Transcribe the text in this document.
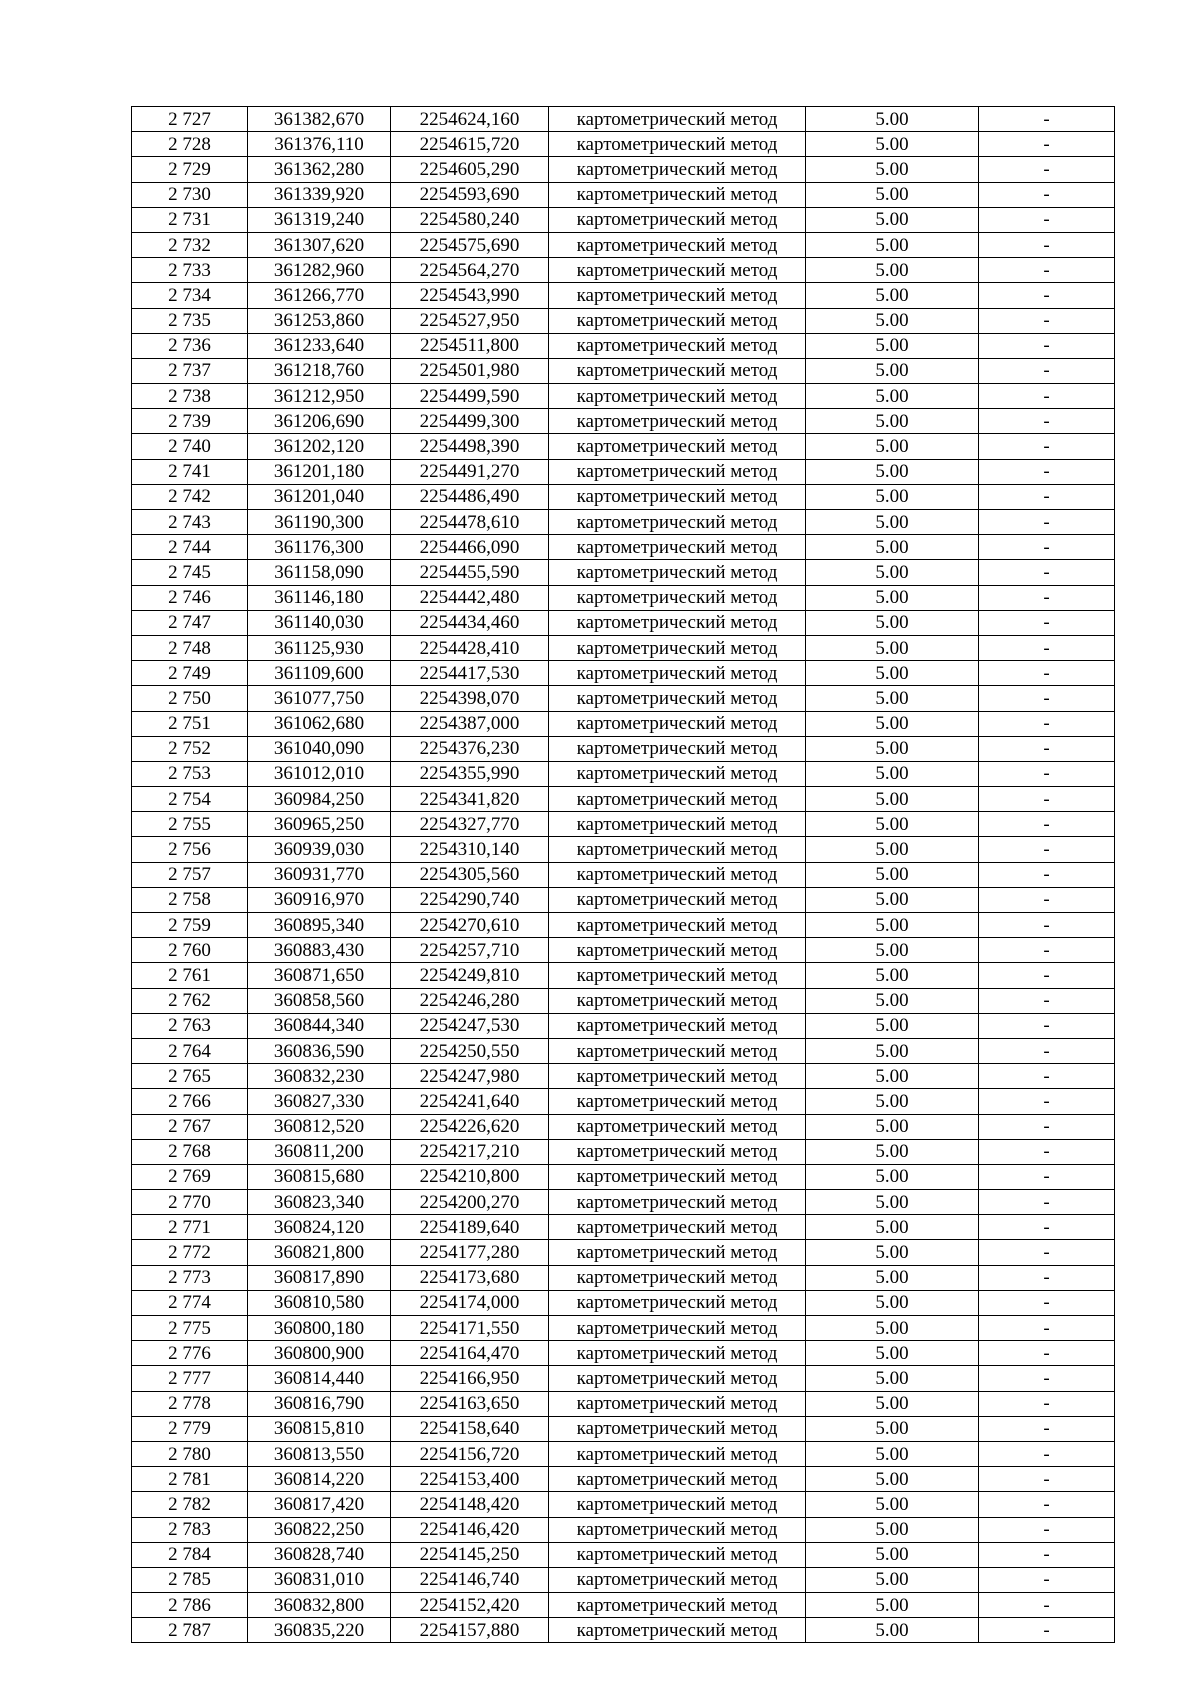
2 727	361382,670	2254624,160	картометрический метод	5.00	-
2 728	361376,110	2254615,720	картометрический метод	5.00	-
2 729	361362,280	2254605,290	картометрический метод	5.00	-
2 730	361339,920	2254593,690	картометрический метод	5.00	-
2 731	361319,240	2254580,240	картометрический метод	5.00	-
2 732	361307,620	2254575,690	картометрический метод	5.00	-
2 733	361282,960	2254564,270	картометрический метод	5.00	-
2 734	361266,770	2254543,990	картометрический метод	5.00	-
2 735	361253,860	2254527,950	картометрический метод	5.00	-
2 736	361233,640	2254511,800	картометрический метод	5.00	-
2 737	361218,760	2254501,980	картометрический метод	5.00	-
2 738	361212,950	2254499,590	картометрический метод	5.00	-
2 739	361206,690	2254499,300	картометрический метод	5.00	-
2 740	361202,120	2254498,390	картометрический метод	5.00	-
2 741	361201,180	2254491,270	картометрический метод	5.00	-
2 742	361201,040	2254486,490	картометрический метод	5.00	-
2 743	361190,300	2254478,610	картометрический метод	5.00	-
2 744	361176,300	2254466,090	картометрический метод	5.00	-
2 745	361158,090	2254455,590	картометрический метод	5.00	-
2 746	361146,180	2254442,480	картометрический метод	5.00	-
2 747	361140,030	2254434,460	картометрический метод	5.00	-
2 748	361125,930	2254428,410	картометрический метод	5.00	-
2 749	361109,600	2254417,530	картометрический метод	5.00	-
2 750	361077,750	2254398,070	картометрический метод	5.00	-
2 751	361062,680	2254387,000	картометрический метод	5.00	-
2 752	361040,090	2254376,230	картометрический метод	5.00	-
2 753	361012,010	2254355,990	картометрический метод	5.00	-
2 754	360984,250	2254341,820	картометрический метод	5.00	-
2 755	360965,250	2254327,770	картометрический метод	5.00	-
2 756	360939,030	2254310,140	картометрический метод	5.00	-
2 757	360931,770	2254305,560	картометрический метод	5.00	-
2 758	360916,970	2254290,740	картометрический метод	5.00	-
2 759	360895,340	2254270,610	картометрический метод	5.00	-
2 760	360883,430	2254257,710	картометрический метод	5.00	-
2 761	360871,650	2254249,810	картометрический метод	5.00	-
2 762	360858,560	2254246,280	картометрический метод	5.00	-
2 763	360844,340	2254247,530	картометрический метод	5.00	-
2 764	360836,590	2254250,550	картометрический метод	5.00	-
2 765	360832,230	2254247,980	картометрический метод	5.00	-
2 766	360827,330	2254241,640	картометрический метод	5.00	-
2 767	360812,520	2254226,620	картометрический метод	5.00	-
2 768	360811,200	2254217,210	картометрический метод	5.00	-
2 769	360815,680	2254210,800	картометрический метод	5.00	-
2 770	360823,340	2254200,270	картометрический метод	5.00	-
2 771	360824,120	2254189,640	картометрический метод	5.00	-
2 772	360821,800	2254177,280	картометрический метод	5.00	-
2 773	360817,890	2254173,680	картометрический метод	5.00	-
2 774	360810,580	2254174,000	картометрический метод	5.00	-
2 775	360800,180	2254171,550	картометрический метод	5.00	-
2 776	360800,900	2254164,470	картометрический метод	5.00	-
2 777	360814,440	2254166,950	картометрический метод	5.00	-
2 778	360816,790	2254163,650	картометрический метод	5.00	-
2 779	360815,810	2254158,640	картометрический метод	5.00	-
2 780	360813,550	2254156,720	картометрический метод	5.00	-
2 781	360814,220	2254153,400	картометрический метод	5.00	-
2 782	360817,420	2254148,420	картометрический метод	5.00	-
2 783	360822,250	2254146,420	картометрический метод	5.00	-
2 784	360828,740	2254145,250	картометрический метод	5.00	-
2 785	360831,010	2254146,740	картометрический метод	5.00	-
2 786	360832,800	2254152,420	картометрический метод	5.00	-
2 787	360835,220	2254157,880	картометрический метод	5.00	-
